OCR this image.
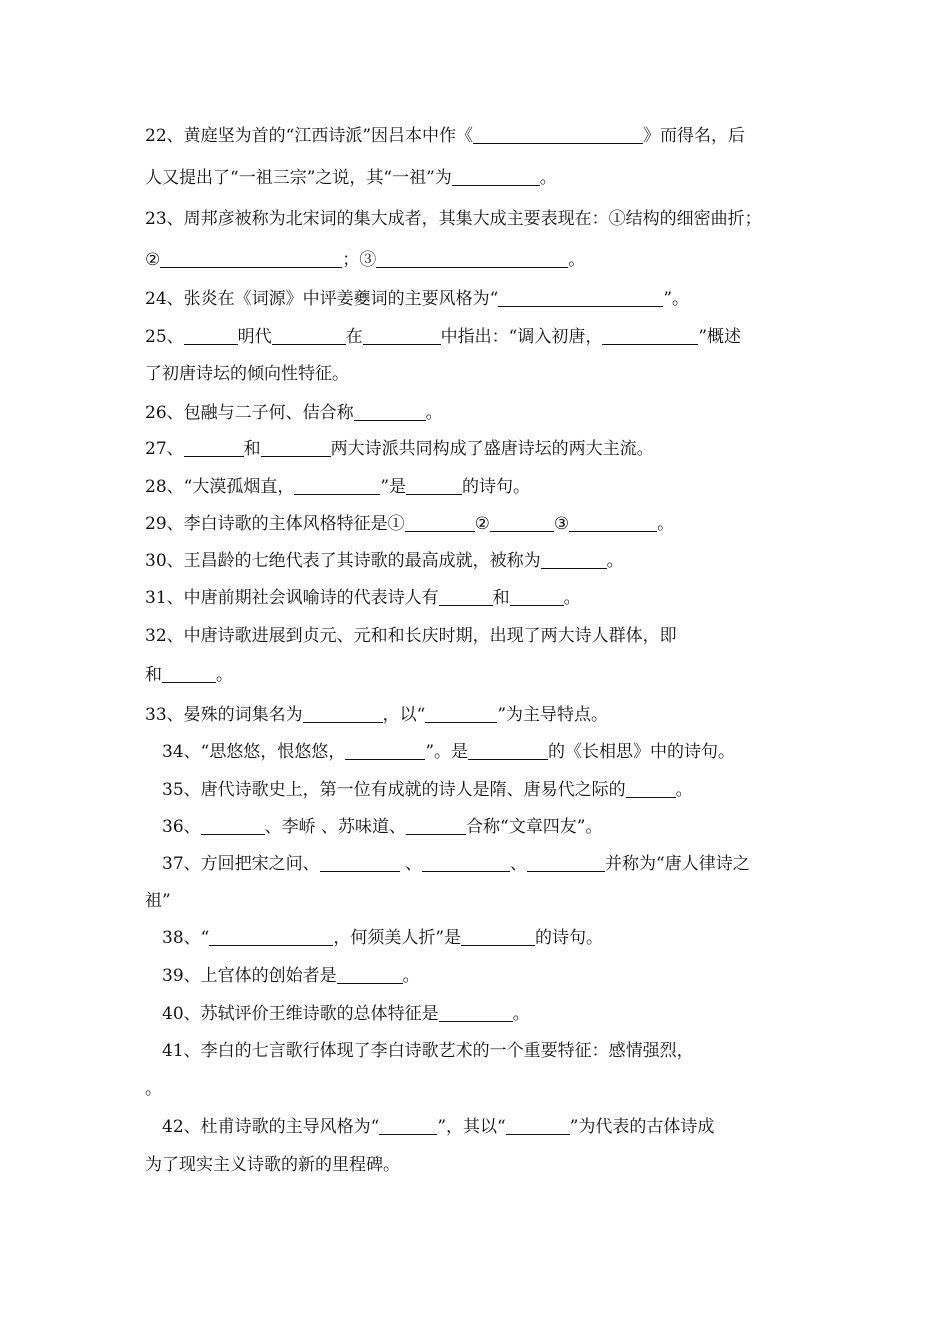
22、黄庭坚为首的“江西诗派”因吕本中作《	》而得名，后
人又提出了“一祖三宗”之说，其“一祖”为	。
23、周邦彦被称为北宋词的集大成者，其集大成主要表现在：①结构的细密曲折；
②	；③	。
24、张炎在《词源》中评姜夔词的主要风格为“	”。
25、	明代	在	中指出：“调入初唐，	”概述
了初唐诗坛的倾向性特征。
26、包融与二子何、佶合称	。
27、	和	两大诗派共同构成了盛唐诗坛的两大主流。
28、“大漠孤烟直，	”是	的诗句。
29、李白诗歌的主体风格特征是①	②	③	。
30、王昌龄的七绝代表了其诗歌的最高成就，被称为	。
31、中唐前期社会讽喻诗的代表诗人有	和	。
32、中唐诗歌进展到贞元、元和和长庆时期，出现了两大诗人群体，即
和	。
33、晏殊的词集名为	，以“	”为主导特点。
34、“思悠悠，恨悠悠，	”。是	的《长相思》中的诗句。
35、唐代诗歌史上，第一位有成就的诗人是隋、唐易代之际的	。
36、	、李峤 、苏味道、	合称“文章四友”。
37、方回把宋之问、	、	、	并称为“唐人律诗之
祖”
38、“	，何须美人折”是	的诗句。
39、上官体的创始者是	。
40、苏轼评价王维诗歌的总体特征是	。
41、李白的七言歌行体现了李白诗歌艺术的一个重要特征：感情强烈，
。
42、杜甫诗歌的主导风格为“	”，其以“	”为代表的古体诗成
为了现实主义诗歌的新的里程碑。
